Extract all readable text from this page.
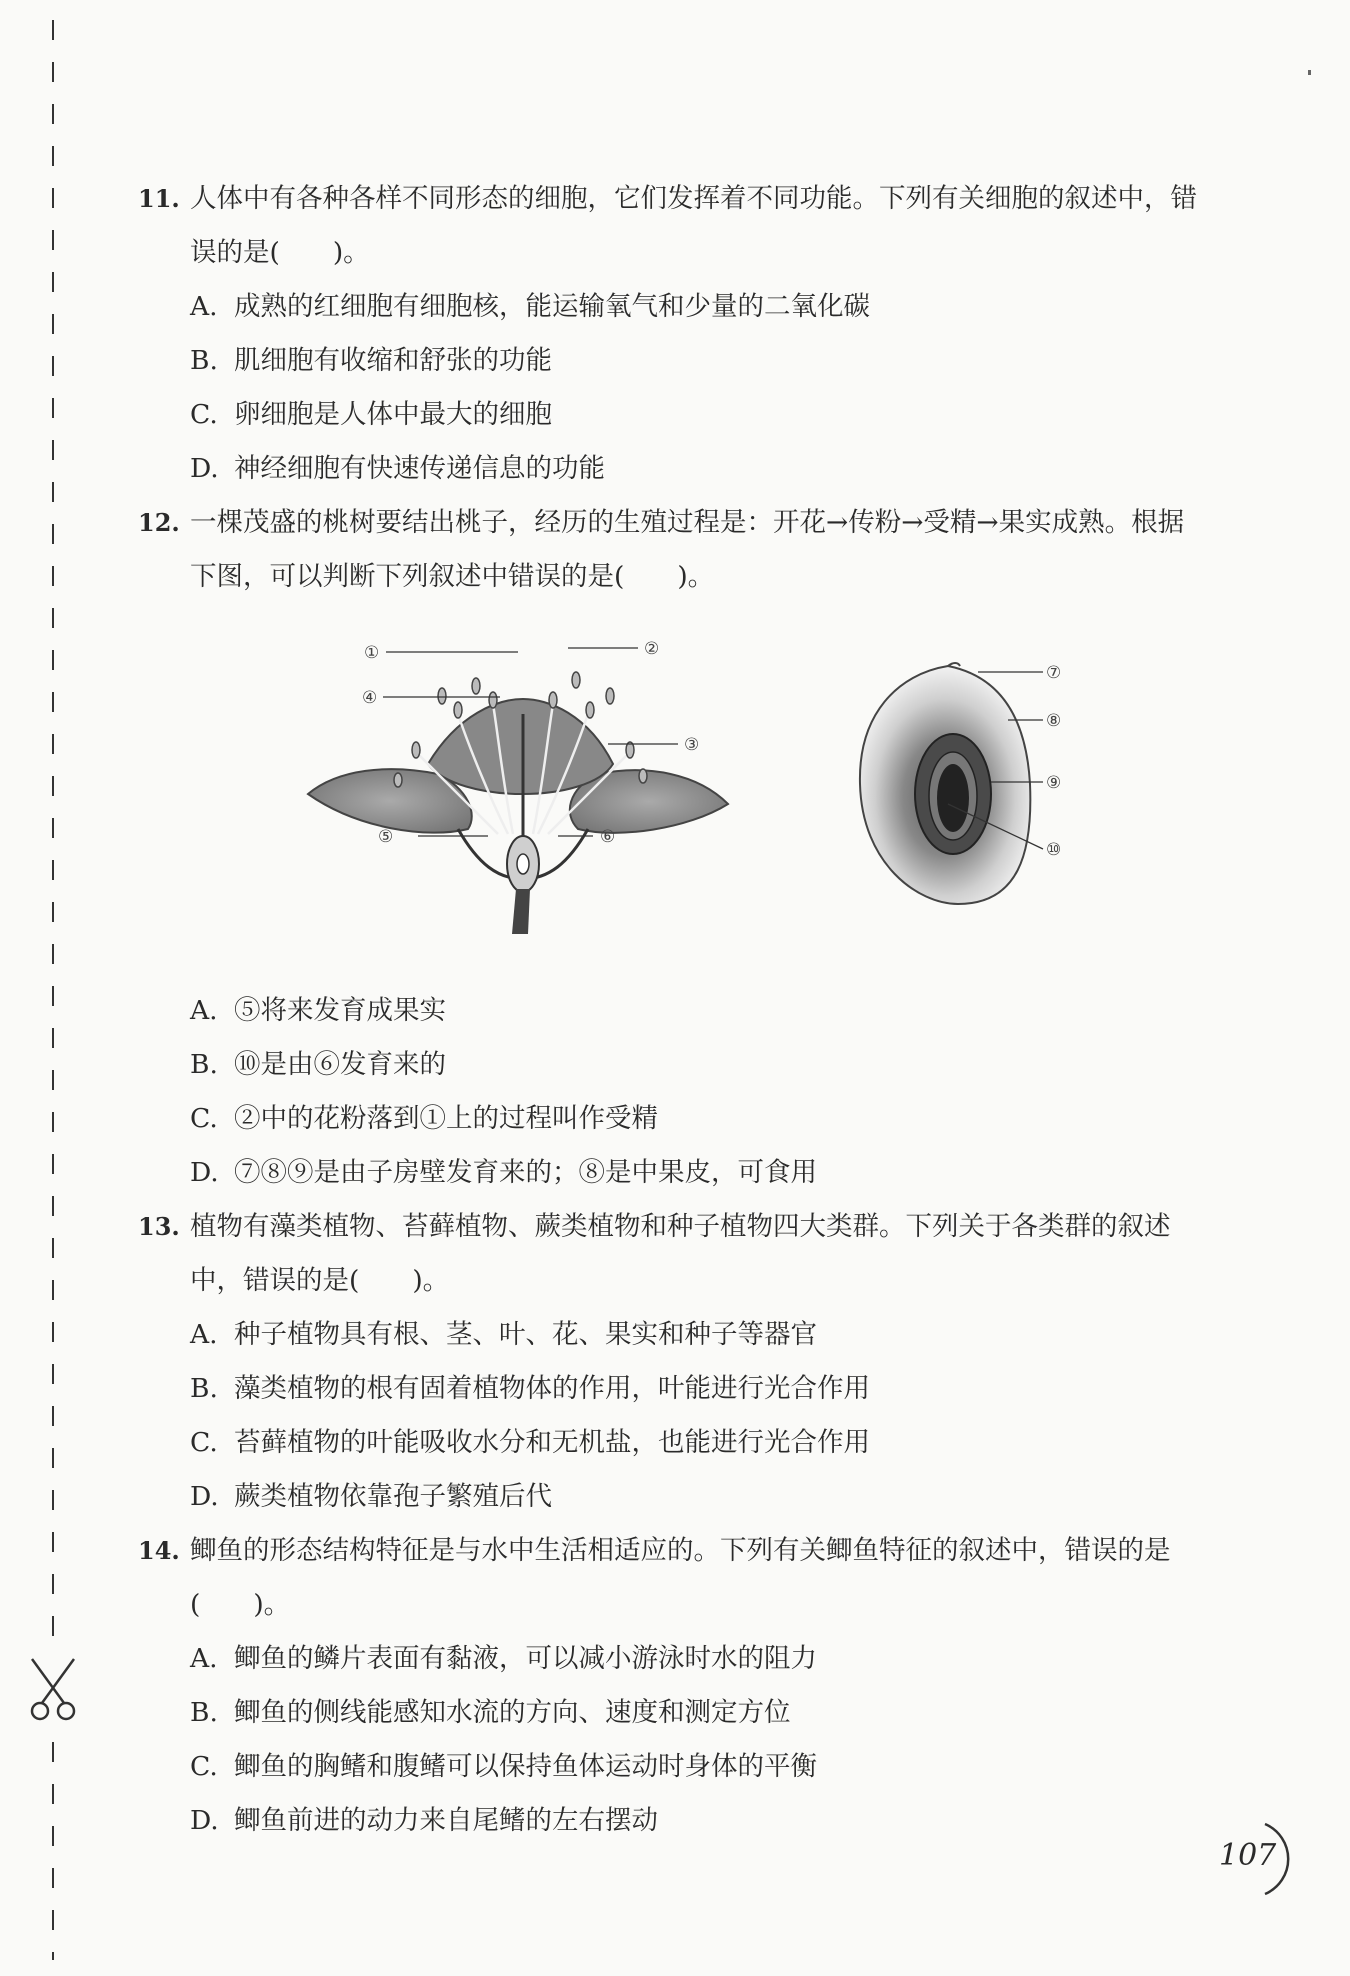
11. 人体中有各种各样不同形态的细胞，它们发挥着不同功能。下列有关细胞的叙述中，错误的是(　　)。
A. 成熟的红细胞有细胞核，能运输氧气和少量的二氧化碳
B. 肌细胞有收缩和舒张的功能
C. 卵细胞是人体中最大的细胞
D. 神经细胞有快速传递信息的功能
12. 一棵茂盛的桃树要结出桃子，经历的生殖过程是：开花→传粉→受精→果实成熟。根据下图，可以判断下列叙述中错误的是(　　)。
①	②
③
④
⑤	⑥
⑦
⑧
⑨
⑩
A. ⑤将来发育成果实
B. ⑩是由⑥发育来的
C. ②中的花粉落到①上的过程叫作受精
D. ⑦⑧⑨是由子房壁发育来的；⑧是中果皮，可食用
13. 植物有藻类植物、苔藓植物、蕨类植物和种子植物四大类群。下列关于各类群的叙述中，错误的是(　　)。
A. 种子植物具有根、茎、叶、花、果实和种子等器官
B. 藻类植物的根有固着植物体的作用，叶能进行光合作用
C. 苔藓植物的叶能吸收水分和无机盐，也能进行光合作用
D. 蕨类植物依靠孢子繁殖后代
14. 鲫鱼的形态结构特征是与水中生活相适应的。下列有关鲫鱼特征的叙述中，错误的是(　　)。
A. 鲫鱼的鳞片表面有黏液，可以减小游泳时水的阻力
B. 鲫鱼的侧线能感知水流的方向、速度和测定方位
C. 鲫鱼的胸鳍和腹鳍可以保持鱼体运动时身体的平衡
D. 鲫鱼前进的动力来自尾鳍的左右摆动
107
